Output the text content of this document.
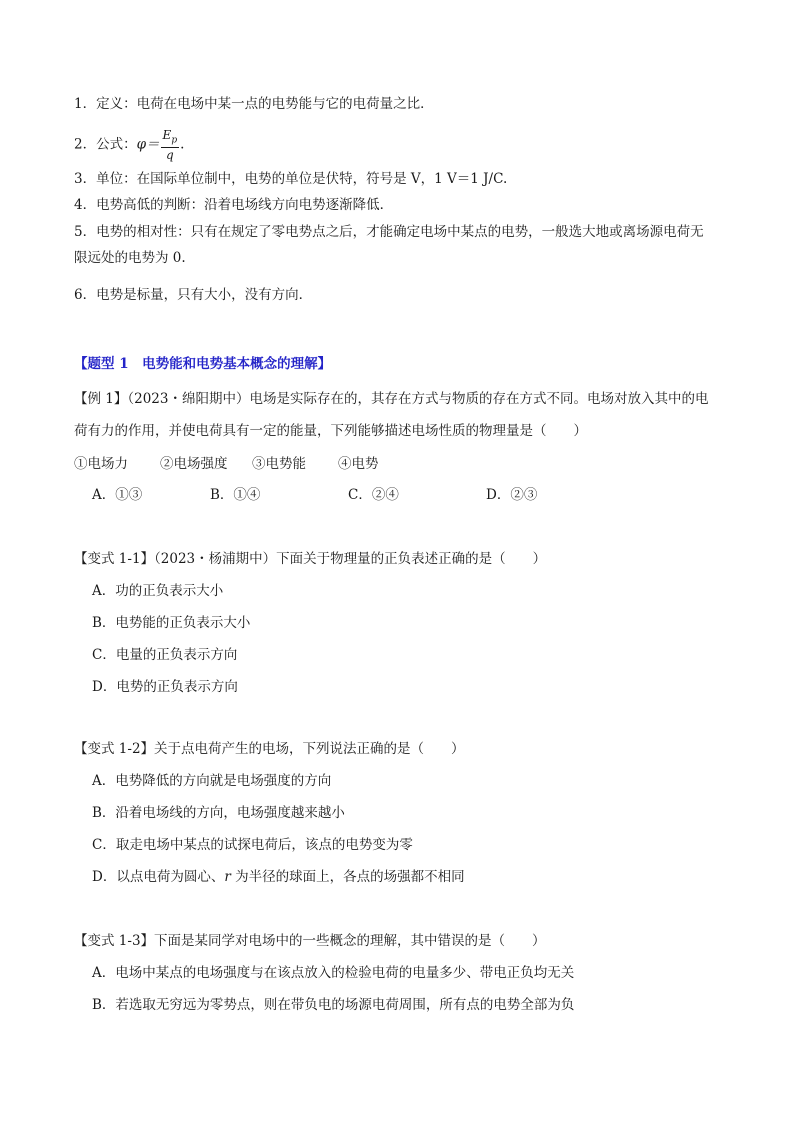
1．定义：电荷在电场中某一点的电势能与它的电荷量之比．
2．公式：$\varphi= \frac{E_p}{q}$ .
3．单位：在国际单位制中，电势的单位是伏特，符号是 V，1 V＝1 J/C.
4．电势高低的判断：沿着电场线方向电势逐渐降低．
5．电势的相对性：只有在规定了零电势点之后，才能确定电场中某点的电势，一般选大地或离场源电荷无
限远处的电势为 0.
6．电势是标量，只有大小，没有方向．
【题型 1　电势能和电势基本概念的理解】
【例 1】（2023・绵阳期中）电场是实际存在的，其存在方式与物质的存在方式不同。电场对放入其中的电
荷有力的作用，并使电荷具有一定的能量，下列能够描述电场性质的物理量是（　　）
①电场力 ②电场强度 ③电势能 ④电势
A．①③	B．①④	C．②④	D．②③
【变式 1-1】（2023・杨浦期中）下面关于物理量的正负表述正确的是（　　）
A．功的正负表示大小
B．电势能的正负表示大小
C．电量的正负表示方向
D．电势的正负表示方向
【变式 1-2】关于点电荷产生的电场，下列说法正确的是（　　）
A．电势降低的方向就是电场强度的方向
B．沿着电场线的方向，电场强度越来越小
C．取走电场中某点的试探电荷后，该点的电势变为零
D．以点电荷为圆心、r 为半径的球面上，各点的场强都不相同
【变式 1-3】下面是某同学对电场中的一些概念的理解，其中错误的是（　　）
A．电场中某点的电场强度与在该点放入的检验电荷的电量多少、带电正负均无关
B．若选取无穷远为零势点，则在带负电的场源电荷周围，所有点的电势全部为负
